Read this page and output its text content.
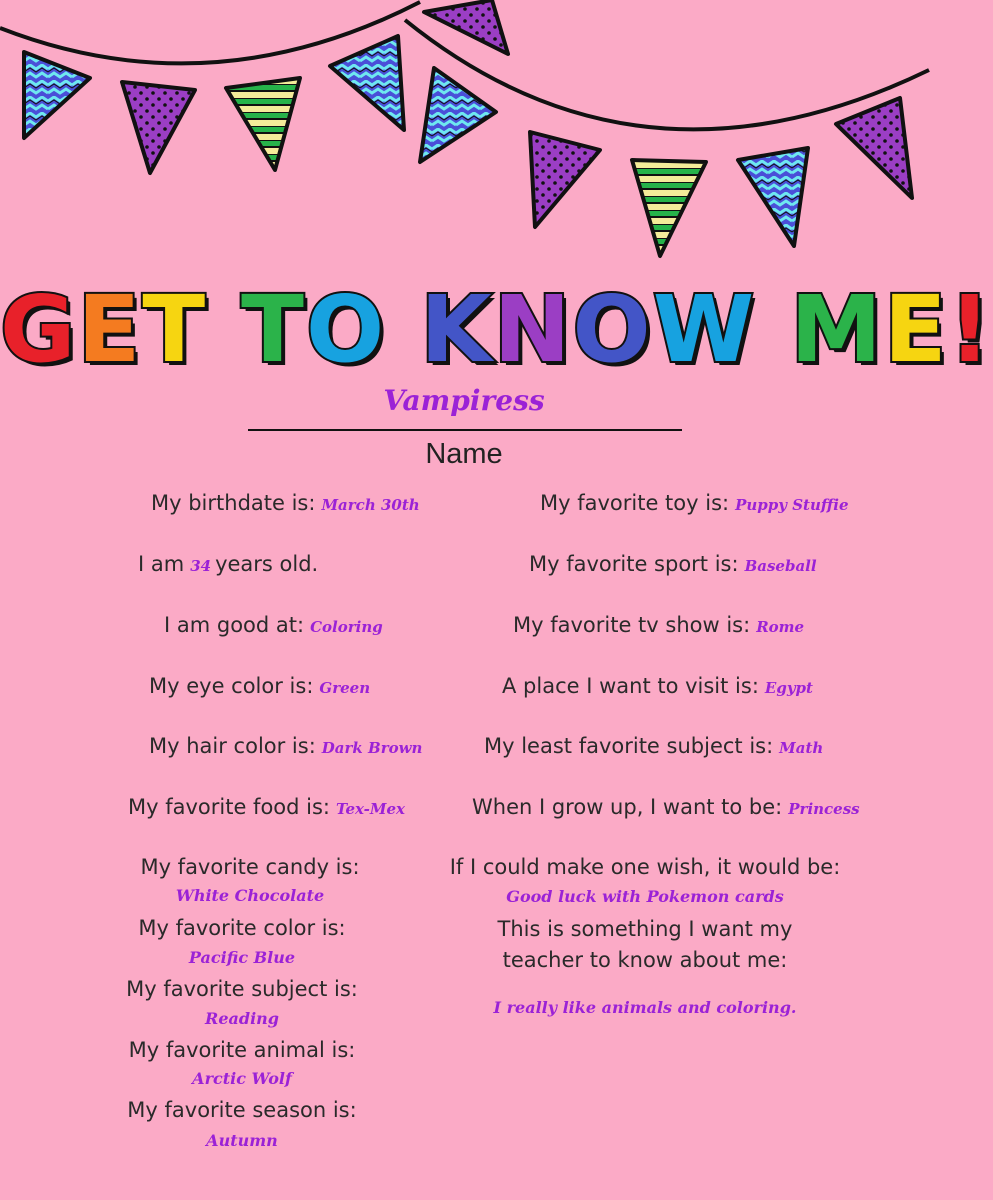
GET TO KNOW ME!
Vampiress
Name
My birthdate is: March 30th
I am 34 years old.
I am good at: Coloring
My eye color is: Green
My hair color is: Dark Brown
My favorite food is: Tex-Mex
My favorite candy is:
White Chocolate
My favorite color is:
Pacific Blue
My favorite subject is:
Reading
My favorite animal is:
Arctic Wolf
My favorite season is:
Autumn
My favorite toy is: Puppy Stuffie
My favorite sport is: Baseball
My favorite tv show is: Rome
A place I want to visit is: Egypt
My least favorite subject is: Math
When I grow up, I want to be: Princess
If I could make one wish, it would be:
Good luck with Pokemon cards
This is something I want my
teacher to know about me:
I really like animals and coloring.
